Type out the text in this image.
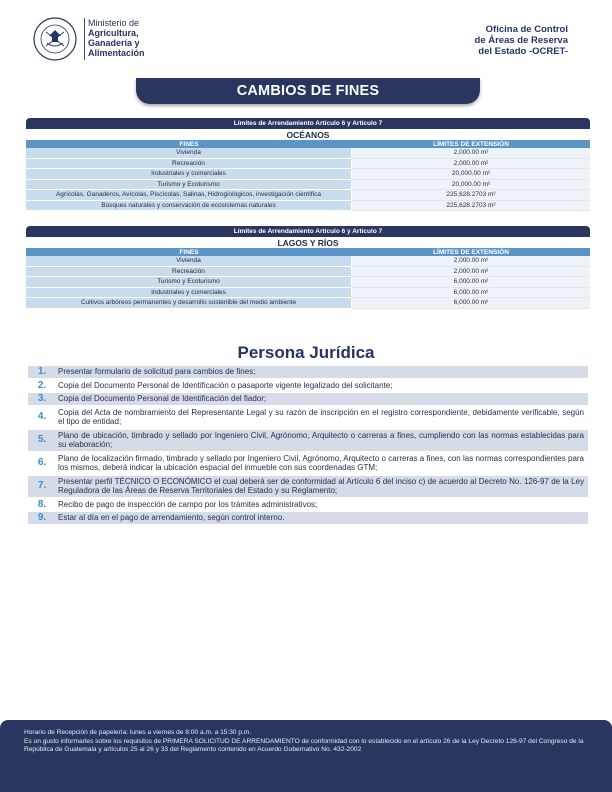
Ministerio de
Agricultura,
Ganadería y
Alimentación
Oficina de Control
de Áreas de Reserva
del Estado -OCRET-
CAMBIOS DE FINES
Límites de Arrendamiento Artículo 6 y Artículo 7
OCÉANOS
FINES	LÍMITES DE EXTENSIÓN
Vivienda	2,000.00 m²
Recreación	2,000.00 m²
Industriales y comerciales	20,000.00 m²
Turismo y Ecoturismo	20,000.00 m²
Agrícolas, Ganaderos, Avícolas, Piscícolas, Salinas, Hidrogiológicos, investigación científica	225,628.2703 m²
Bosques naturales y conservación de ecosistemas naturales	225,628.2703 m²
Límites de Arrendamiento Artículo 6 y Artículo 7
LAGOS Y RÍOS
FINES	LÍMITES DE EXTENSIÓN
Vivienda	2,000.00 m²
Recreación	2,000.00 m²
Turismo y Ecoturismo	6,000.00 m²
Industriales y comerciales	6,000.00 m²
Cultivos arbóreos permanentes y desarrollo sostenible del medio ambiente	6,000.00 m²
Persona Jurídica
1.	Presentar formulario de solicitud para cambios de fines;
2.	Copia del Documento Personal de Identificación o pasaporte vigente legalizado del solicitante;
3.	Copia del Documento Personal de Identificación del fiador;
4.	Copia del Acta de nombramiento del Representante Legal y su razón de inscripción en el registro correspondiente, debidamente verificable, según el tipo de entidad;
5.	Plano de ubicación, timbrado y sellado por Ingeniero Civil, Agrónomo, Arquitecto o carreras a fines, cumpliendo con las normas establecidas para su elaboración;
6.	Plano de localización firmado, timbrado y sellado por Ingeniero Civil, Agrónomo, Arquitecto o carreras a fines, con las normas correspondientes para los mismos, deberá indicar la ubicación espacial del inmueble con sus coordenadas GTM;
7.	Presentar perfil TÉCNICO O ECONÓMICO el cual deberá ser de conformidad al Artículo 6 del inciso c) de acuerdo al Decreto No. 126-97 de la Ley Reguladora de las Áreas de Reserva Territoriales del Estado y su Reglamento;
8.	Recibo de pago de inspección de campo por los trámites administrativos;
9.	Estar al día en el pago de arrendamiento, según control interno.

Horario de Recepción de papelería: lunes a viernes de 8:00 a.m. a 15:30 p.m.

Es un gusto informarles sobre los requisitos de PRIMERA SOLICITUD DE ARRENDAMIENTO de conformidad con lo establecido en el artículo 26 de la Ley Decreto 126-97 del Congreso de la República de Guatemala y artículos 25 al 26 y 33 del Reglamento contenido en Acuerdo Gubernativo No. 432-2002
